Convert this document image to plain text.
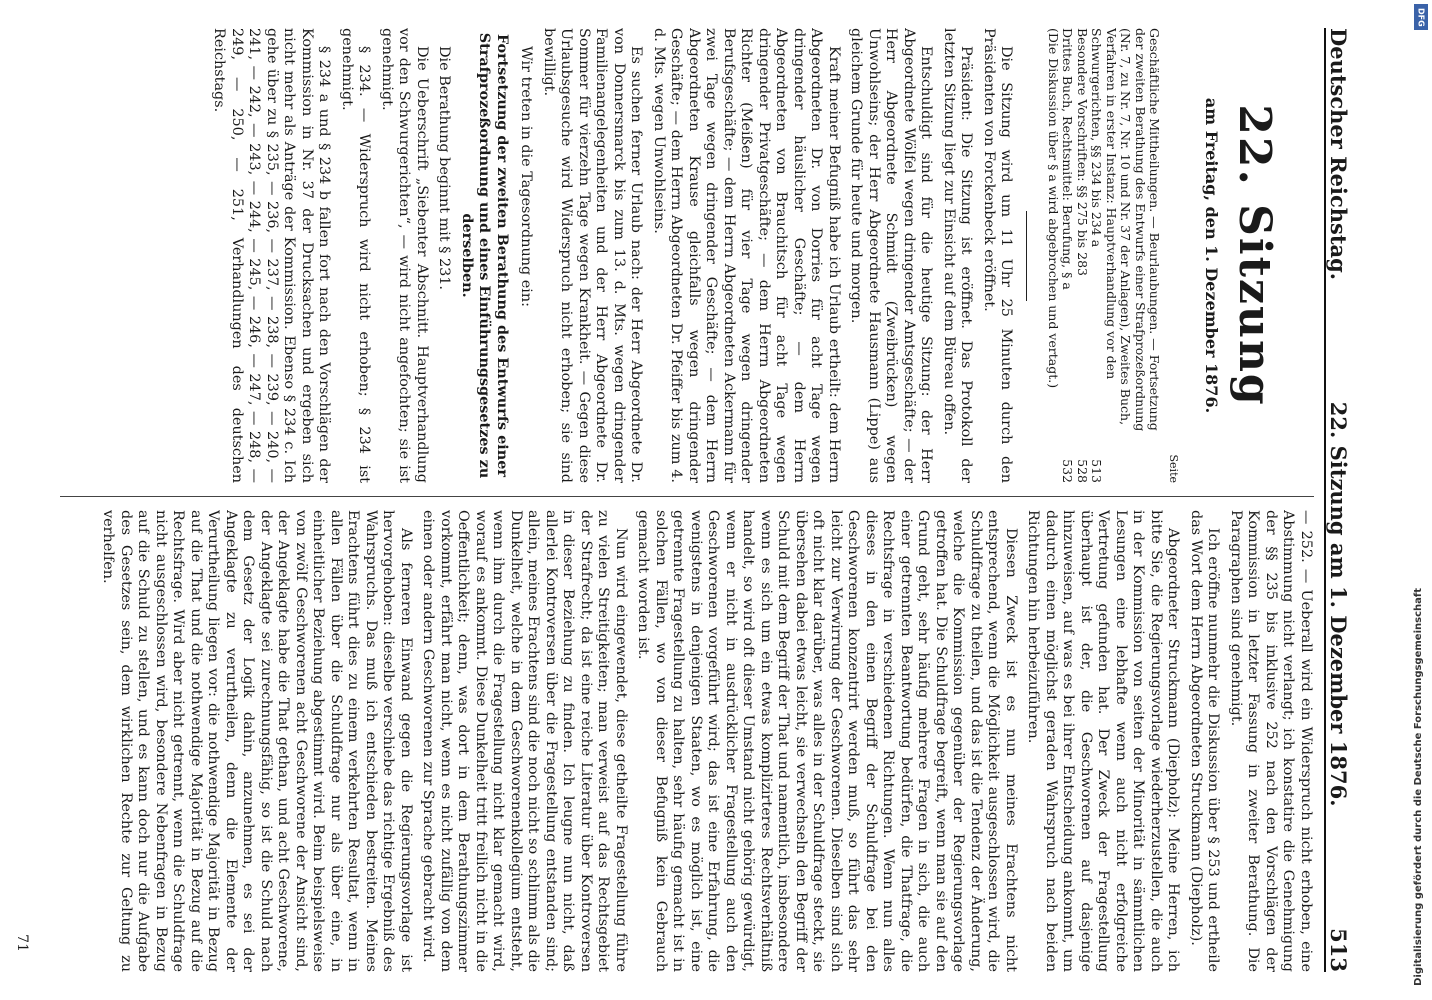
Deutscher Reichstag.
22. Sitzung am 1. Dezember 1876.
513
22. Sitzung
am Freitag, den 1. Dezember 1876.
Seite
Geschäftliche Mittheilungen. — Beurlaubungen. — Fortsetzung der zweiten Berathung des Entwurfs einer Strafprozeßordnung (Nr. 7, zu Nr. 7, Nr. 10 und Nr. 37 der Anlagen), Zweites Buch, Verfahren in erster Instanz: Hauptverhandlung vor den Schwurgerichten, §§ 234 bis 234 a
513
Besondere Vorschriften: §§ 275 bis 283
528
Drittes Buch, Rechtsmittel: Berufung, § a
532
(Die Diskussion über § a wird abgebrochen und vertagt.)

Die Sitzung wird um 11 Uhr 25 Minuten durch den Präsidenten von Forckenbeck eröffnet.

Präsident: Die Sitzung ist eröffnet. Das Protokoll der letzten Sitzung liegt zur Einsicht auf dem Büreau offen.

Entschuldigt sind für die heutige Sitzung: der Herr Abgeordnete Wölfel wegen dringender Amtsgeschäfte; — der Herr Abgeordnete Schmidt (Zweibrücken) wegen Unwohlseins; der Herr Abgeordnete Hausmann (Lippe) aus gleichem Grunde für heute und morgen.

Kraft meiner Befugniß habe ich Urlaub ertheilt: dem Herrn Abgeordneten Dr. von Dorries für acht Tage wegen dringender häuslicher Geschäfte; — dem Herrn Abgeordneten von Brauchitsch für acht Tage wegen dringender Privatgeschäfte; — dem Herrn Abgeordneten Richter (Meißen) für vier Tage wegen dringender Berufsgeschäfte; — dem Herrn Abgeordneten Ackermann für zwei Tage wegen dringender Geschäfte; — dem Herrn Abgeordneten Krause gleichfalls wegen dringender Geschäfte; — dem Herrn Abgeordneten Dr. Pfeiffer bis zum 4. d. Mts. wegen Unwohlseins.

Es suchen ferner Urlaub nach: der Herr Abgeordnete Dr. von Donnersmarck bis zum 13. d. Mts. wegen dringender Familienangelegenheiten und der Herr Abgeordnete Dr. Sommer für vierzehn Tage wegen Krankheit. — Gegen diese Urlaubsgesuche wird Widerspruch nicht erhoben; sie sind bewilligt.

Wir treten in die Tagesordnung ein:

Fortsetzung der zweiten Berathung des Entwurfs einer Strafprozeßordnung und eines Einführungsgesetzes zu derselben.

Die Berathung beginnt mit § 231.

Die Ueberschrift „Siebenter Abschnitt. Hauptverhandlung vor den Schwurgerichten“, — wird nicht angefochten; sie ist genehmigt.

§ 234. — Widerspruch wird nicht erhoben; § 234 ist genehmigt.

§ 234 a und § 234 b fallen fort nach den Vorschlägen der Kommission in Nr. 37 der Drucksachen und ergeben sich nicht mehr als Anträge der Kommission. Ebenso § 234 c. Ich gehe über zu § 235, — 236, — 237, — 238, — 239, — 240, — 241, — 242, — 243, — 244, — 245, — 246, — 247, — 248, — 249, — 250, — 251, Verhandlungen des deutschen Reichstags.

— 252. — Ueberall wird ein Widerspruch nicht erhoben, eine Abstimmung nicht verlangt; ich konstatire die Genehmigung der §§ 235 bis inklusive 252 nach den Vorschlägen der Kommission in letzter Fassung in zweiter Berathung. Die Paragraphen sind genehmigt.

Ich eröffne nunmehr die Diskussion über § 253 und ertheile das Wort dem Herrn Abgeordneten Struckmann (Diepholz).

Abgeordneter Struckmann (Diepholz): Meine Herren, ich bitte Sie, die Regierungsvorlage wiederherzustellen, die auch in der Kommission von seiten der Minorität in sämmtlichen Lesungen eine lebhafte wenn auch nicht erfolgreiche Vertretung gefunden hat. Der Zweck der Fragestellung überhaupt ist der, die Geschworenen auf dasjenige hinzuweisen, auf was es bei ihrer Entscheidung ankommt, um dadurch einen möglichst geraden Wahrspruch nach beiden Richtungen hin herbeizuführen.

Diesen Zweck ist es nun meines Erachtens nicht entsprechend, wenn die Möglichkeit ausgeschlossen wird, die Schuldfrage zu theilen, und das ist die Tendenz der Änderung, welche die Kommission gegenüber der Regierungsvorlage getroffen hat. Die Schuldfrage begreift, wenn man sie auf den Grund geht, sehr häufig mehrere Fragen in sich, die auch einer getrennten Beantwortung bedürfen, die Thatfrage, die Rechtsfrage in verschiedenen Richtungen. Wenn nun alles dieses in den einen Begriff der Schuldfrage bei den Geschworenen konzentrirt werden muß, so führt das sehr leicht zur Verwirrung der Geschworenen. Dieselben sind sich oft nicht klar darüber, was alles in der Schuldfrage steckt, sie übersehen dabei etwas leicht, sie verwechseln den Begriff der Schuld mit dem Begriff der That und namentlich, insbesondere wenn es sich um ein etwas komplizirteres Rechtsverhältniß handelt, so wird oft dieser Umstand nicht gehörig gewürdigt, wenn er nicht in ausdrücklicher Fragestellung auch den Geschworenen vorgeführt wird; das ist eine Erfahrung, die wenigstens in denjenigen Staaten, wo es möglich ist, eine getrennte Fragestellung zu halten, sehr häufig gemacht ist in solchen Fällen, wo von dieser Befugniß kein Gebrauch gemacht worden ist.

Nun wird eingewendet, diese getheilte Fragestellung führe zu vielen Streitigkeiten; man verweist auf das Rechtsgebiet der Strafrecht; da ist eine reiche Literatur über Kontroversen in dieser Beziehung zu finden. Ich leugne nun nicht, daß allerlei Kontroversen über die Fragestellung entstanden sind; allein, meines Erachtens sind die noch nicht so schlimm als die Dunkelheit, welche in dem Geschworenenkollegium entsteht, wenn ihm durch die Fragestellung nicht klar gemacht wird, worauf es ankommt. Diese Dunkelheit tritt freilich nicht in die Oeffentlichkeit; denn, was dort in dem Berathungszimmer vorkommt, erfährt man nicht, wenn es nicht zufällig von dem einen oder andern Geschworenen zur Sprache gebracht wird.

Als ferneren Einwand gegen die Regierungsvorlage ist hervorgehoben: dieselbe verschiebe das richtige Ergebniß des Wahrspruchs. Das muß ich entschieden bestreiten. Meines Erachtens führt dies zu einem verkehrten Resultat, wenn in allen Fällen über die Schuldfrage nur als über eine, in einheitlicher Beziehung abgestimmt wird. Beim beispielsweise von zwölf Geschworenen acht Geschworene der Ansicht sind, der Angeklagte habe die That gethan, und acht Geschworene, der Angeklagte sei zurechnungsfähig, so ist die Schuld nach dem Gesetz der Logik dahin, anzunehmen, es sei der Angeklagte zu verurtheilen, denn die Elemente der Verurtheilung liegen vor: die nothwendige Majorität in Bezug auf die That und die nothwendige Majorität in Bezug auf die Rechtsfrage. Wird aber nicht getrennt, wenn die Schuldfrage nicht ausgeschlossen wird, besondere Nebenfragen in Bezug auf die Schuld zu stellen, und es kann doch nur die Aufgabe des Gesetzes sein, dem wirklichen Rechte zur Geltung zu verhelfen.

71
DFG
Digitalisierung gefördert durch die Deutsche Forschungsgemeinschaft
